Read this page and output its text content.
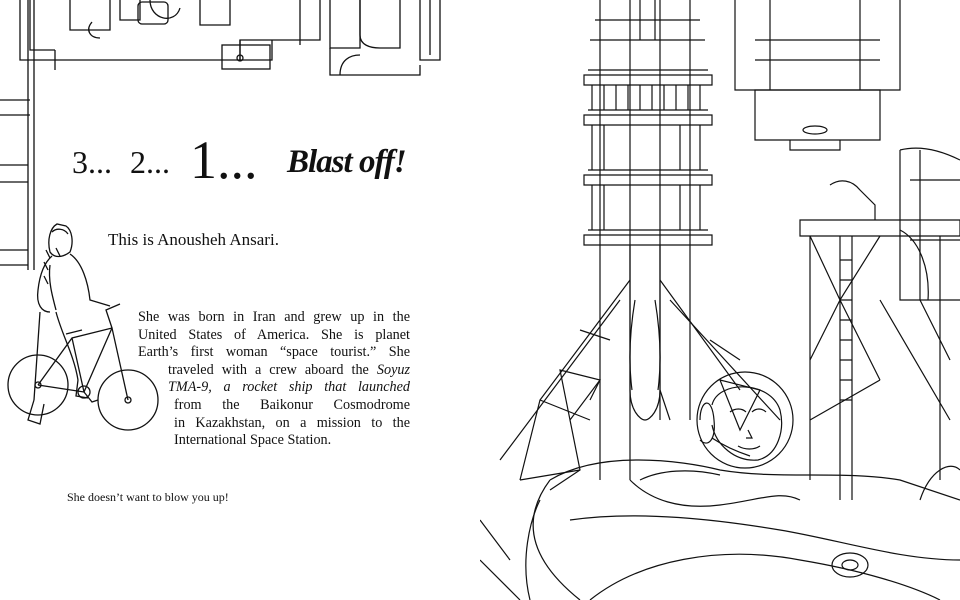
3... 2... 1... Blast off!
This is Anousheh Ansari.
She was born in Iran and grew up in the
United States of America. She is planet
Earth’s first woman “space tourist.” She
traveled with a crew aboard the Soyuz
TMA-9, a rocket ship that launched
from the Baikonur Cosmodrome
in Kazakhstan, on a mission to the
International Space Station.
She doesn’t want to blow you up!
